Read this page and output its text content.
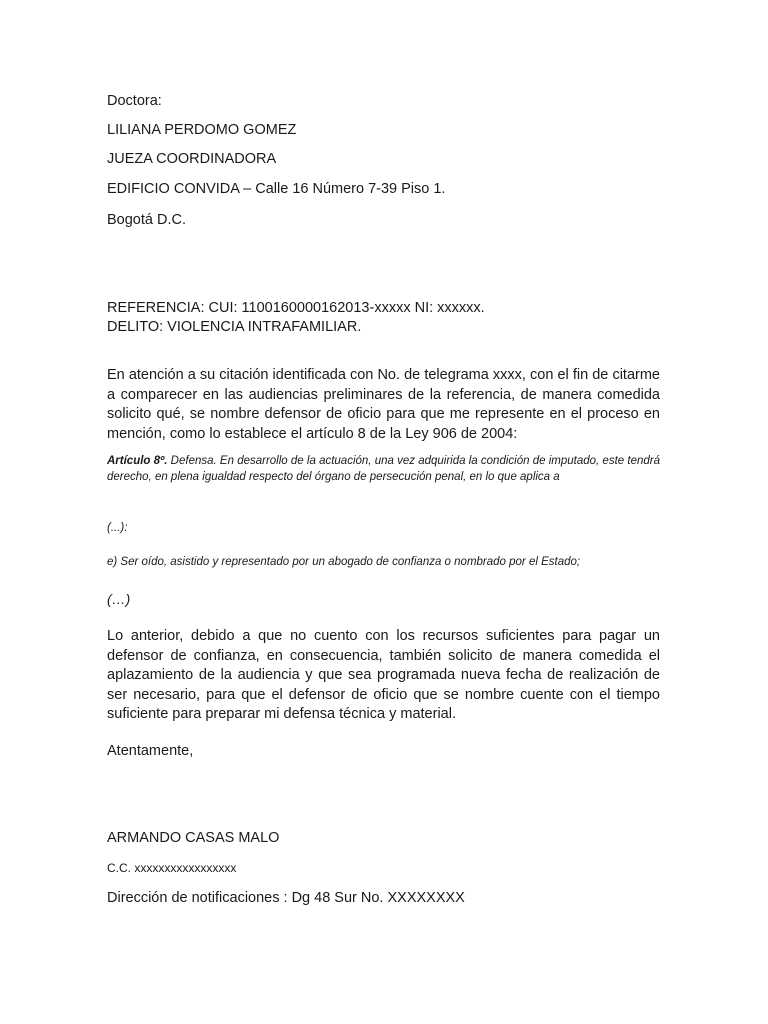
Doctora:
LILIANA PERDOMO GOMEZ
JUEZA COORDINADORA
EDIFICIO CONVIDA – Calle 16 Número 7-39 Piso 1.
Bogotá D.C.
REFERENCIA: CUI: 1100160000162013-xxxxx NI: xxxxxx.
DELITO: VIOLENCIA INTRAFAMILIAR.
En atención a su citación identificada con No. de telegrama xxxx, con el fin de citarme a comparecer en las audiencias preliminares de la referencia, de manera comedida solicito qué, se nombre defensor de oficio para que me represente en el proceso en mención, como lo establece el artículo 8 de la Ley 906 de 2004:
Artículo 8º. Defensa. En desarrollo de la actuación, una vez adquirida la condición de imputado, este tendrá derecho, en plena igualdad respecto del órgano de persecución penal, en lo que aplica a
(...):
e) Ser oído, asistido y representado por un abogado de confianza o nombrado por el Estado;
(…)
Lo anterior, debido a que no cuento con los recursos suficientes para pagar un defensor de confianza, en consecuencia, también solicito de manera comedida el aplazamiento de la audiencia y que sea programada nueva fecha de realización de ser necesario, para que el defensor de oficio que se nombre cuente con el tiempo suficiente para preparar mi defensa técnica y material.
Atentamente,
ARMANDO CASAS MALO
C.C. xxxxxxxxxxxxxxxxx
Dirección de notificaciones : Dg 48 Sur No. XXXXXXXX
